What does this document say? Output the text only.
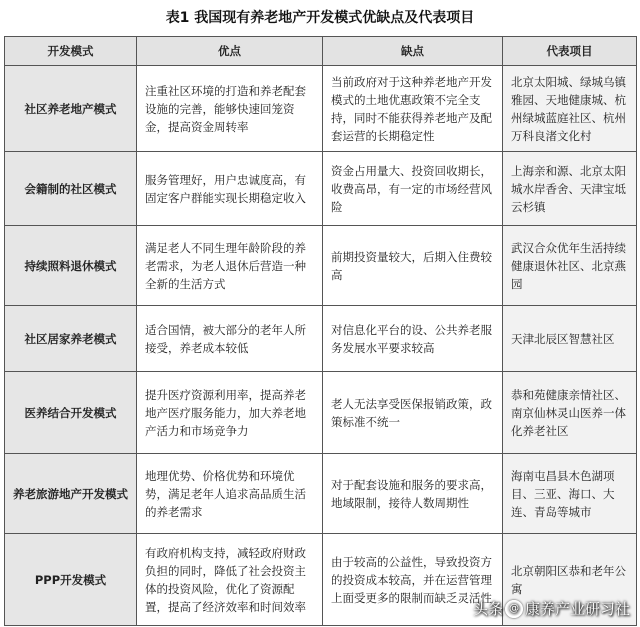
表1 我国现有养老地产开发模式优缺点及代表项目
开发模式	优点	缺点	代表项目
社区养老地产模式	注重社区环境的打造和养老配套设施的完善，能够快速回笼资金，提高资金周转率	当前政府对于这种养老地产开发模式的土地优惠政策不完全支持，同时不能获得养老地产及配套运营的长期稳定性	北京太阳城、绿城乌镇雅园、天地健康城、杭州绿城蓝庭社区、杭州万科良渚文化村
会籍制的社区模式	服务管理好，用户忠诚度高，有固定客户群能实现长期稳定收入	资金占用量大、投资回收期长，收费高昂，有一定的市场经营风险	上海亲和源、北京太阳城水岸香舍、天津宝坻云杉镇
持续照料退休模式	满足老人不同生理年龄阶段的养老需求，为老人退休后营造一种全新的生活方式	前期投资量较大，后期入住费较高	武汉合众优年生活持续健康退休社区、北京燕园
社区居家养老模式	适合国情，被大部分的老年人所接受，养老成本较低	对信息化平台的设、公共养老服务发展水平要求较高	天津北辰区智慧社区
医养结合开发模式	提升医疗资源利用率，提高养老地产医疗服务能力，加大养老地产活力和市场竞争力	老人无法享受医保报销政策，政策标准不统一	恭和苑健康亲情社区、南京仙林灵山医养一体化养老社区
养老旅游地产开发模式	地理优势、价格优势和环境优势，满足老年人追求高品质生活的养老需求	对于配套设施和服务的要求高，地域限制，接待人数周期性	海南屯昌县木色湖项目、三亚、海口、大连、青岛等城市
PPP开发模式	有政府机构支持，减轻政府财政负担的同时，降低了社会投资主体的投资风险，优化了资源配置，提高了经济效率和时间效率	由于较高的公益性，导致投资方的投资成本较高，并在运营管理上面受更多的限制而缺乏灵活性	北京朝阳区恭和老年公寓
头条 @ 康养产业研习社
